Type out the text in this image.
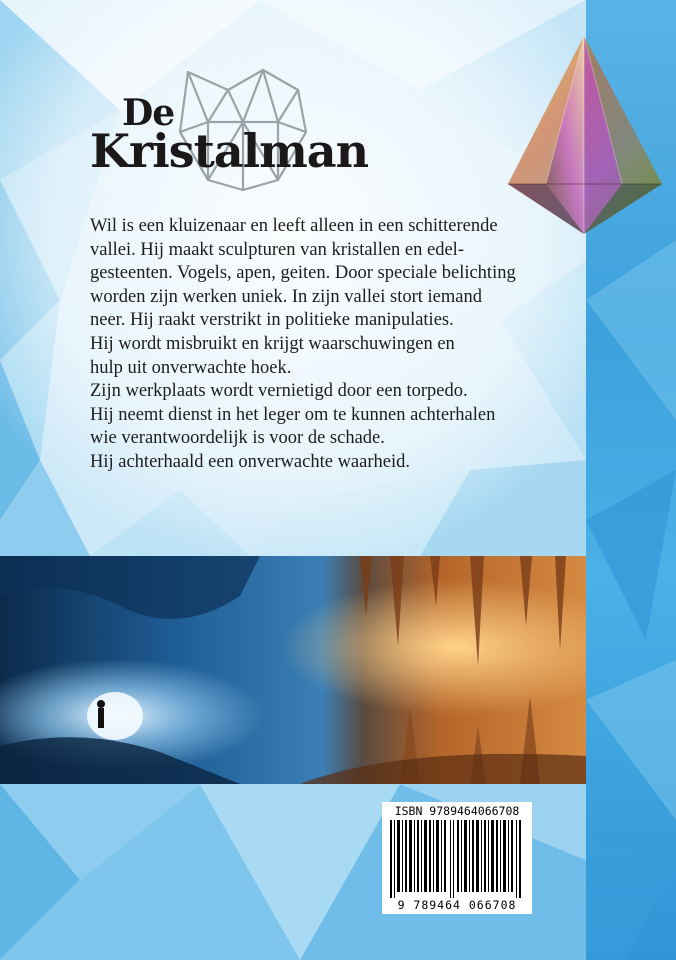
De
Kristalman

Wil is een kluizenaar en leeft alleen in een schitterende

vallei. Hij maakt sculpturen van kristallen en edel-

gesteenten. Vogels, apen, geiten. Door speciale belichting

worden zijn werken uniek. In zijn vallei stort iemand

neer. Hij raakt verstrikt in politieke manipulaties.

Hij wordt misbruikt en krijgt waarschuwingen en

hulp uit onverwachte hoek.

Zijn werkplaats wordt vernietigd door een torpedo.

Hij neemt dienst in het leger om te kunnen achterhalen

wie verantwoordelijk is voor de schade.

Hij achterhaald een onverwachte waarheid.

ISBN 9789464066708
9 789464 066708
